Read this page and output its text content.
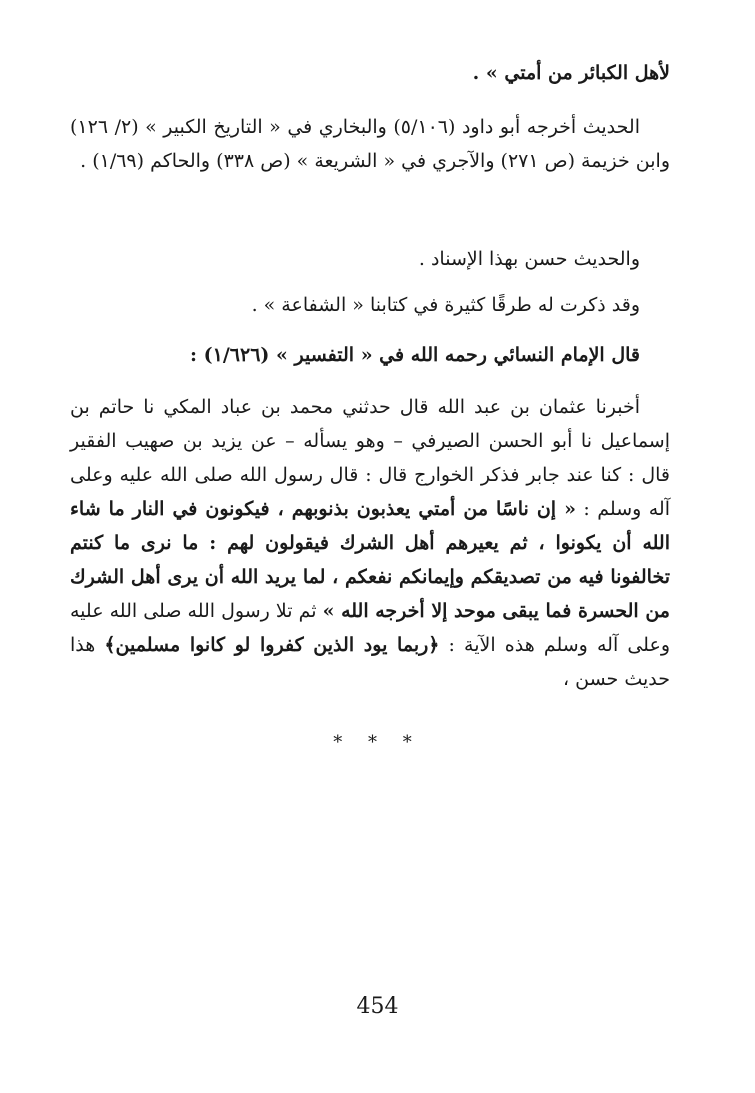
لأهل الكبائر من أمتي » .
الحديث أخرجه أبو داود (٥/١٠٦) والبخاري في « التاريخ الكبير » (٢/ ١٢٦) وابن خزيمة (ص ٢٧١) والآجري في « الشريعة » (ص ٣٣٨) والحاكم (١/٦٩) .
والحديث حسن بهذا الإسناد .
وقد ذكرت له طرقًا كثيرة في كتابنا « الشفاعة » .
قال الإمام النسائي رحمه الله في « التفسير » (١/٦٢٦) :
أخبرنا عثمان بن عبد الله قال حدثني محمد بن عباد المكي نا حاتم بن إسماعيل نا أبو الحسن الصيرفي – وهو يسأله – عن يزيد بن صهيب الفقير قال : كنا عند جابر فذكر الخوارج قال : قال رسول الله صلى الله عليه وعلى آله وسلم : « إن ناسًا من أمتي يعذبون بذنوبهم ، فيكونون في النار ما شاء الله أن يكونوا ، ثم يعيرهم أهل الشرك فيقولون لهم : ما نرى ما كنتم تخالفونا فيه من تصديقكم وإيمانكم نفعكم ، لما يريد الله أن يرى أهل الشرك من الحسرة فما يبقى موحد إلا أخرجه الله » ثم تلا رسول الله صلى الله عليه وعلى آله وسلم هذه الآية : ﴿ربما يود الذين كفروا لو كانوا مسلمين﴾ هذا حديث حسن ،
* * *
454
